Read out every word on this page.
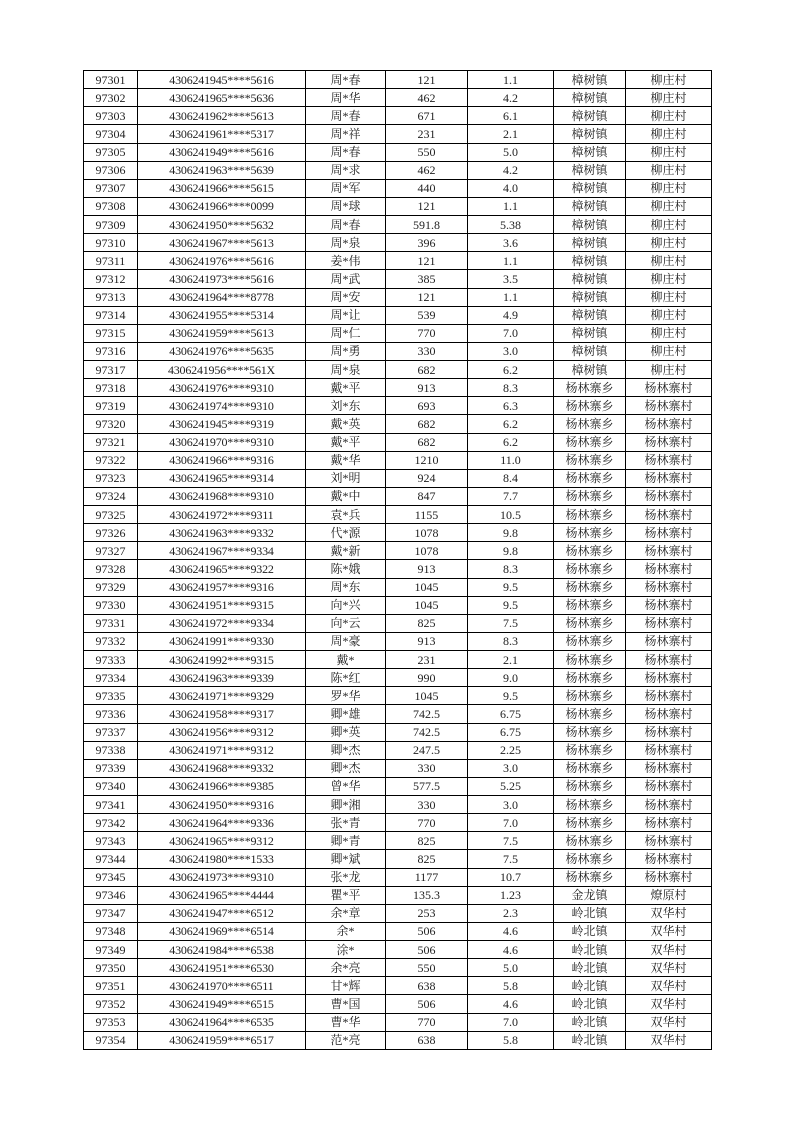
97301	4306241945****5616	周*春	121	1.1	樟树镇	柳庄村
97302	4306241965****5636	周*华	462	4.2	樟树镇	柳庄村
97303	4306241962****5613	周*春	671	6.1	樟树镇	柳庄村
97304	4306241961****5317	周*祥	231	2.1	樟树镇	柳庄村
97305	4306241949****5616	周*春	550	5.0	樟树镇	柳庄村
97306	4306241963****5639	周*求	462	4.2	樟树镇	柳庄村
97307	4306241966****5615	周*军	440	4.0	樟树镇	柳庄村
97308	4306241966****0099	周*球	121	1.1	樟树镇	柳庄村
97309	4306241950****5632	周*春	591.8	5.38	樟树镇	柳庄村
97310	4306241967****5613	周*泉	396	3.6	樟树镇	柳庄村
97311	4306241976****5616	姜*伟	121	1.1	樟树镇	柳庄村
97312	4306241973****5616	周*武	385	3.5	樟树镇	柳庄村
97313	4306241964****8778	周*安	121	1.1	樟树镇	柳庄村
97314	4306241955****5314	周*让	539	4.9	樟树镇	柳庄村
97315	4306241959****5613	周*仁	770	7.0	樟树镇	柳庄村
97316	4306241976****5635	周*勇	330	3.0	樟树镇	柳庄村
97317	4306241956****561X	周*泉	682	6.2	樟树镇	柳庄村
97318	4306241976****9310	戴*平	913	8.3	杨林寨乡	杨林寨村
97319	4306241974****9310	刘*东	693	6.3	杨林寨乡	杨林寨村
97320	4306241945****9319	戴*英	682	6.2	杨林寨乡	杨林寨村
97321	4306241970****9310	戴*平	682	6.2	杨林寨乡	杨林寨村
97322	4306241966****9316	戴*华	1210	11.0	杨林寨乡	杨林寨村
97323	4306241965****9314	刘*明	924	8.4	杨林寨乡	杨林寨村
97324	4306241968****9310	戴*中	847	7.7	杨林寨乡	杨林寨村
97325	4306241972****9311	袁*兵	1155	10.5	杨林寨乡	杨林寨村
97326	4306241963****9332	代*源	1078	9.8	杨林寨乡	杨林寨村
97327	4306241967****9334	戴*新	1078	9.8	杨林寨乡	杨林寨村
97328	4306241965****9322	陈*娥	913	8.3	杨林寨乡	杨林寨村
97329	4306241957****9316	周*东	1045	9.5	杨林寨乡	杨林寨村
97330	4306241951****9315	向*兴	1045	9.5	杨林寨乡	杨林寨村
97331	4306241972****9334	向*云	825	7.5	杨林寨乡	杨林寨村
97332	4306241991****9330	周*豪	913	8.3	杨林寨乡	杨林寨村
97333	4306241992****9315	戴*	231	2.1	杨林寨乡	杨林寨村
97334	4306241963****9339	陈*红	990	9.0	杨林寨乡	杨林寨村
97335	4306241971****9329	罗*华	1045	9.5	杨林寨乡	杨林寨村
97336	4306241958****9317	卿*雄	742.5	6.75	杨林寨乡	杨林寨村
97337	4306241956****9312	卿*英	742.5	6.75	杨林寨乡	杨林寨村
97338	4306241971****9312	卿*杰	247.5	2.25	杨林寨乡	杨林寨村
97339	4306241968****9332	卿*杰	330	3.0	杨林寨乡	杨林寨村
97340	4306241966****9385	曾*华	577.5	5.25	杨林寨乡	杨林寨村
97341	4306241950****9316	卿*湘	330	3.0	杨林寨乡	杨林寨村
97342	4306241964****9336	张*青	770	7.0	杨林寨乡	杨林寨村
97343	4306241965****9312	卿*青	825	7.5	杨林寨乡	杨林寨村
97344	4306241980****1533	卿*斌	825	7.5	杨林寨乡	杨林寨村
97345	4306241973****9310	张*龙	1177	10.7	杨林寨乡	杨林寨村
97346	4306241965****4444	瞿*平	135.3	1.23	金龙镇	燎原村
97347	4306241947****6512	余*章	253	2.3	岭北镇	双华村
97348	4306241969****6514	余*	506	4.6	岭北镇	双华村
97349	4306241984****6538	涂*	506	4.6	岭北镇	双华村
97350	4306241951****6530	余*亮	550	5.0	岭北镇	双华村
97351	4306241970****6511	甘*辉	638	5.8	岭北镇	双华村
97352	4306241949****6515	曹*国	506	4.6	岭北镇	双华村
97353	4306241964****6535	曹*华	770	7.0	岭北镇	双华村
97354	4306241959****6517	范*亮	638	5.8	岭北镇	双华村
